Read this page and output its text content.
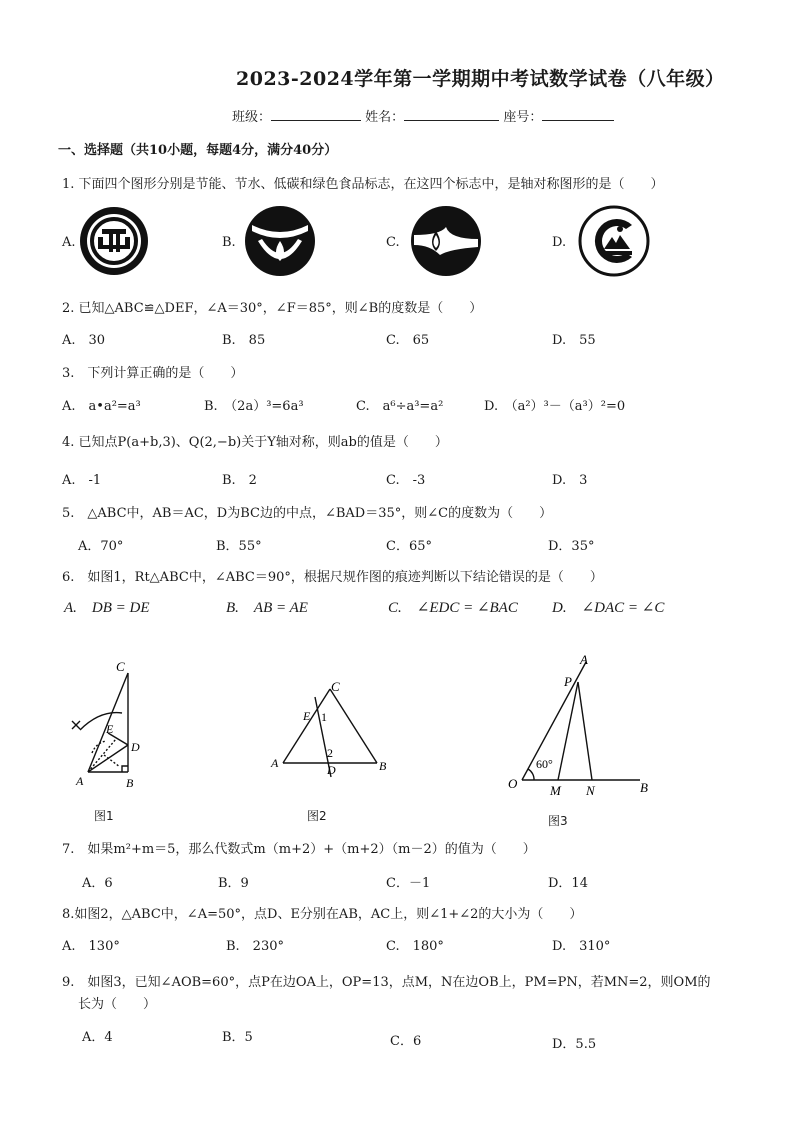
2023-2024学年第一学期期中考试数学试卷（八年级）
班级：	姓名：	座号：
一、选择题（共10小题，每题4分，满分40分）
1. 下面四个图形分别是节能、节水、低碳和绿色食品标志，在这四个标志中，是轴对称图形的是（　　）
A.	B.	C.	D.
2. 已知△ABC≌△DEF，∠A＝30°，∠F＝85°，则∠B的度数是（　　）
A.　30	B.　85	C.　65	D.　55
3.　下列计算正确的是（　　）
A.　a•a²=a³	B.　（2a）³=6a³	C.　a⁶÷a³=a²	D.　（a²）³－（a³）²=0
4. 已知点P(a+b,3)、Q(2,−b)关于Y轴对称，则ab的值是（　　）
A.　-1	B.　2	C.　-3	D.　3
5.　△ABC中，AB＝AC，D为BC边的中点，∠BAD＝35°，则∠C的度数为（　　）
A．70°	B．55°	C．65°	D．35°
6.　如图1，Rt△ABC中，∠ABC＝90°，根据尺规作图的痕迹判断以下结论错误的是（　　）
A.　DB = DE	B.　AB = AE	C.　∠EDC = ∠BAC D.　∠DAC = ∠C
C
E
D
A	B
图1
C
E 1
2
A	D	B
图2
A
P
60°
O	M N	B
图3
7.　如果m²+m＝5，那么代数式m（m+2）+（m+2）（m－2）的值为（　　）
A．6	B．9	C．－1	D．14
8.如图2，△ABC中，∠A=50°，点D、E分别在AB，AC上，则∠1+∠2的大小为（　　）
A.　130°	B.　230°	C.　180°	D.　310°
9.　如图3，已知∠AOB=60°，点P在边OA上，OP=13，点M，N在边OB上，PM=PN，若MN=2，则OM的
长为（　　）
A．4	B．5	C．6	D．5.5
